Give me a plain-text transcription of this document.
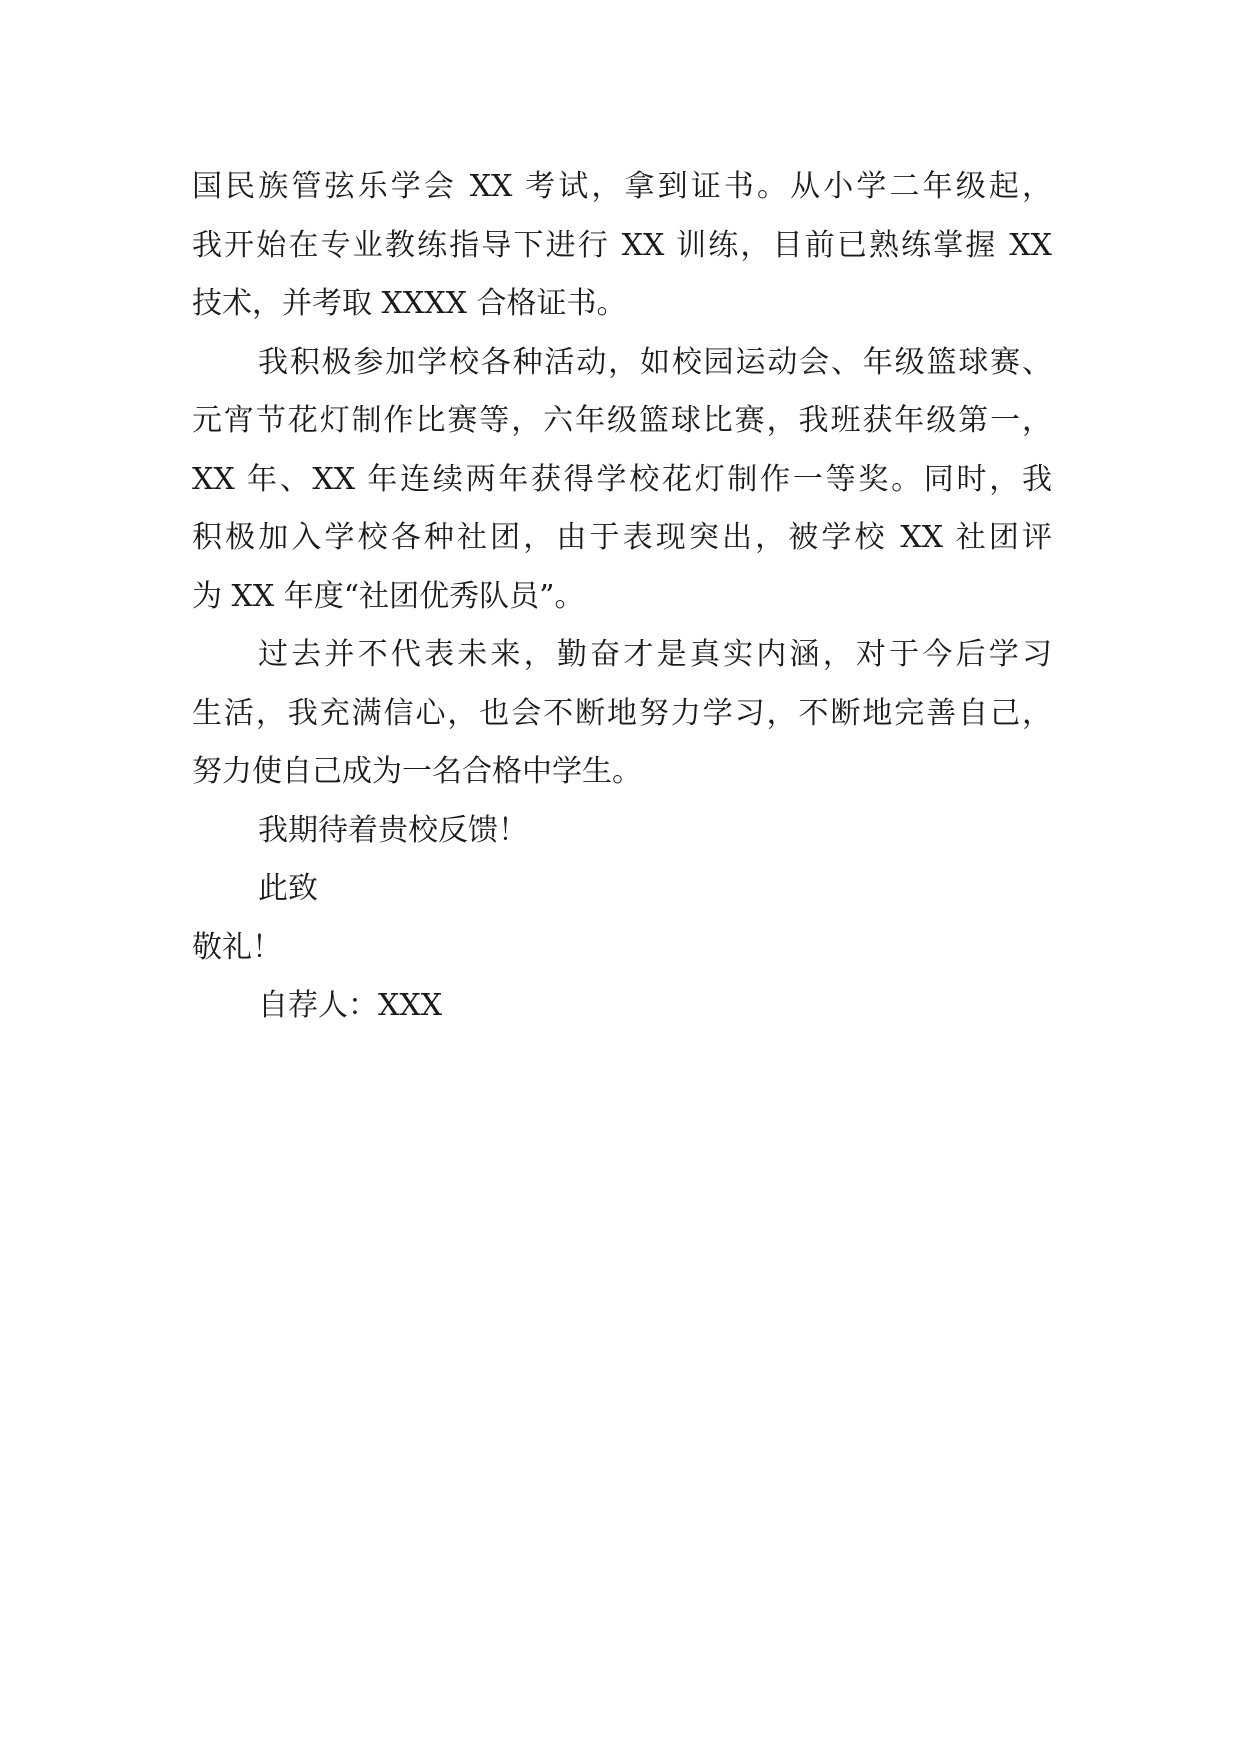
国民族管弦乐学会 XX 考试，拿到证书。从小学二年级起，
我开始在专业教练指导下进行 XX 训练，目前已熟练掌握 XX
技术，并考取 XXXX 合格证书。
我积极参加学校各种活动，如校园运动会、年级篮球赛、
元宵节花灯制作比赛等，六年级篮球比赛，我班获年级第一，
XX 年、XX 年连续两年获得学校花灯制作一等奖。同时，我
积极加入学校各种社团，由于表现突出，被学校 XX 社团评
为 XX 年度“社团优秀队员”。
过去并不代表未来，勤奋才是真实内涵，对于今后学习
生活，我充满信心，也会不断地努力学习，不断地完善自己，
努力使自己成为一名合格中学生。
我期待着贵校反馈！
此致
敬礼！
自荐人：XXX
